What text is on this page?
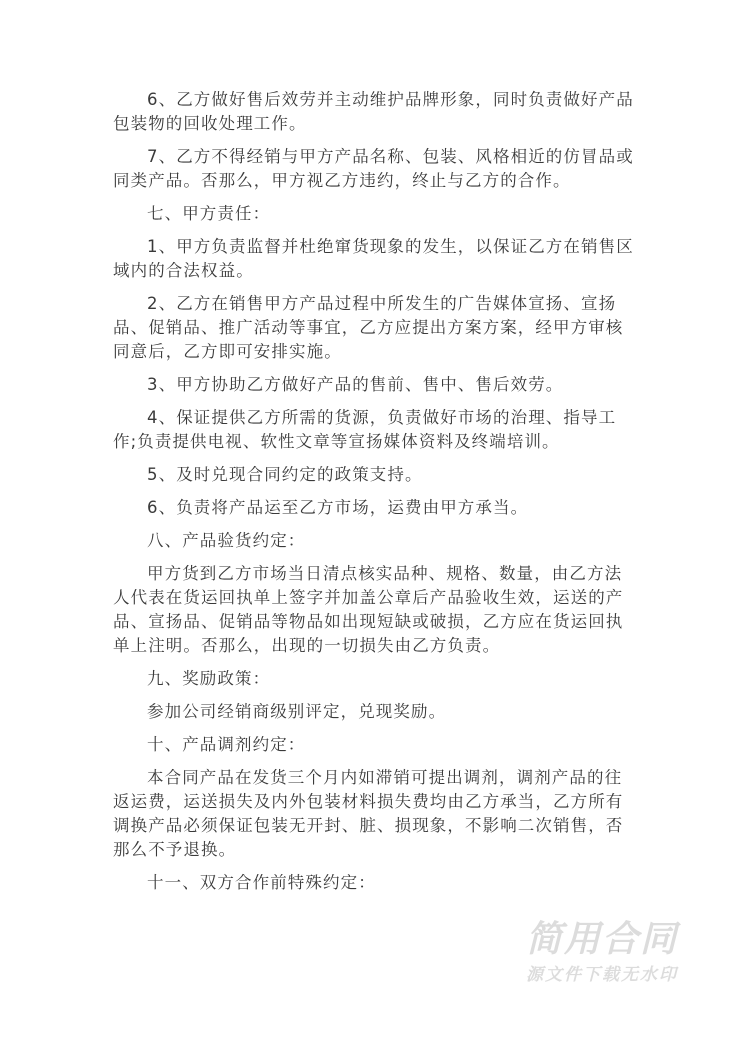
6、乙方做好售后效劳并主动维护品牌形象，同时负责做好产品
包装物的回收处理工作。
7、乙方不得经销与甲方产品名称、包装、风格相近的仿冒品或
同类产品。否那么，甲方视乙方违约，终止与乙方的合作。
七、甲方责任：
1、甲方负责监督并杜绝窜货现象的发生，以保证乙方在销售区
域内的合法权益。
2、乙方在销售甲方产品过程中所发生的广告媒体宣扬、宣扬
品、促销品、推广活动等事宜，乙方应提出方案方案，经甲方审核
同意后，乙方即可安排实施。
3、甲方协助乙方做好产品的售前、售中、售后效劳。
4、保证提供乙方所需的货源，负责做好市场的治理、指导工
作;负责提供电视、软性文章等宣扬媒体资料及终端培训。
5、及时兑现合同约定的政策支持。
6、负责将产品运至乙方市场，运费由甲方承当。
八、产品验货约定：
甲方货到乙方市场当日清点核实品种、规格、数量，由乙方法
人代表在货运回执单上签字并加盖公章后产品验收生效，运送的产
品、宣扬品、促销品等物品如出现短缺或破损，乙方应在货运回执
单上注明。否那么，出现的一切损失由乙方负责。
九、奖励政策：
参加公司经销商级别评定，兑现奖励。
十、产品调剂约定：
本合同产品在发货三个月内如滞销可提出调剂，调剂产品的往
返运费，运送损失及内外包装材料损失费均由乙方承当，乙方所有
调换产品必须保证包装无开封、脏、损现象，不影响二次销售，否
那么不予退换。
十一、双方合作前特殊约定：
简用合同
源文件下载无水印
